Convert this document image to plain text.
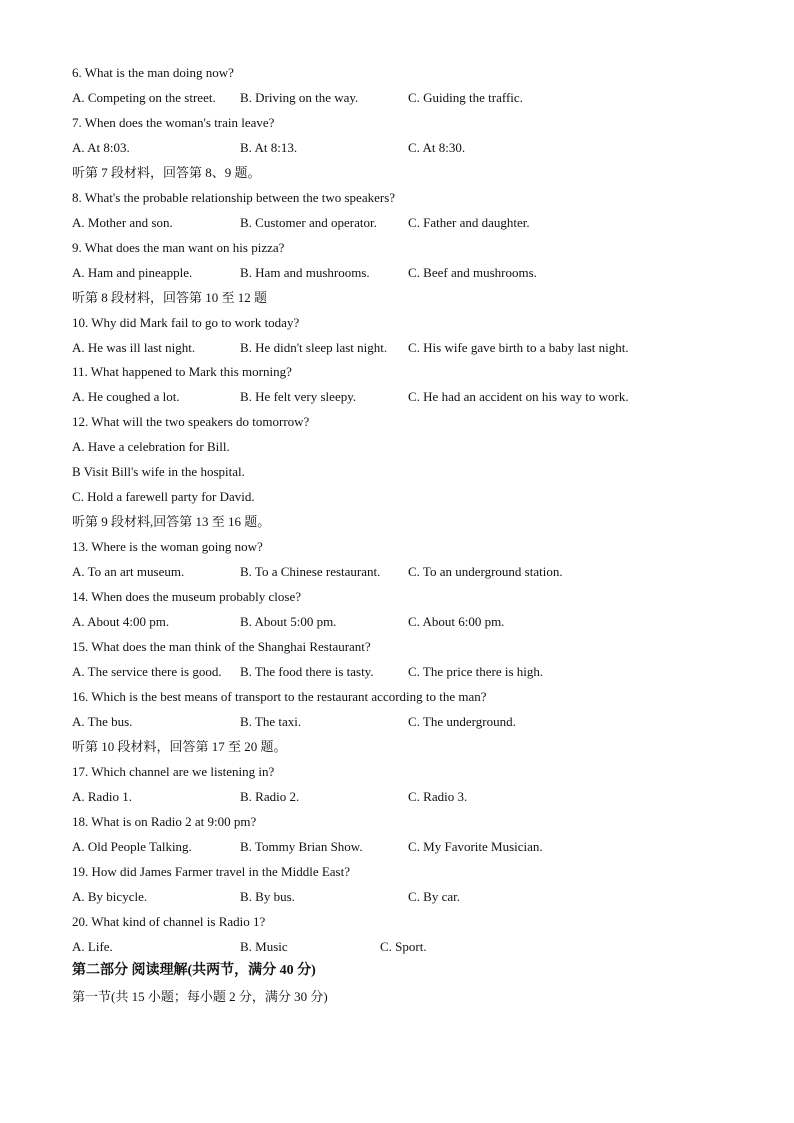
6. What is the man doing now?
A. Competing on the street. B. Driving on the way.	C. Guiding the traffic.
7. When does the woman's train leave?
A. At 8:03.	B. At 8:13.	C. At 8:30.
听第 7 段材料，回答第 8、9 题。
8. What's the probable relationship between the two speakers?
A. Mother and son.	B. Customer and operator. C. Father and daughter.
9. What does the man want on his pizza?
A. Ham and pineapple.	B. Ham and mushrooms.	C. Beef and mushrooms.
听第 8 段材料，回答第 10 至 12 题
10. Why did Mark fail to go to work today?
A. He was ill last night.	B. He didn't sleep last night. C. His wife gave birth to a baby last night.
11. What happened to Mark this morning?
A. He coughed a lot.	B. He felt very sleepy.	C. He had an accident on his way to work.
12. What will the two speakers do tomorrow?
A. Have a celebration for Bill.
B Visit Bill's wife in the hospital.
C. Hold a farewell party for David.
听第 9 段材料,回答第 13 至 16 题。
13. Where is the woman going now?
A. To an art museum.	B. To a Chinese restaurant. C. To an underground station.
14. When does the museum probably close?
A. About 4:00 pm.	B. About 5:00 pm.	C. About 6:00 pm.
15. What does the man think of the Shanghai Restaurant?
A. The service there is good. B. The food there is tasty.	C. The price there is high.
16. Which is the best means of transport to the restaurant according to the man?
A. The bus.	B. The taxi.	C. The underground.
听第 10 段材料，回答第 17 至 20 题。
17. Which channel are we listening in?
A. Radio 1.	B. Radio 2.	C. Radio 3.
18. What is on Radio 2 at 9:00 pm?
A. Old People Talking.	B. Tommy Brian Show.	C. My Favorite Musician.
19. How did James Farmer travel in the Middle East?
A. By bicycle.	B. By bus.	C. By car.
20. What kind of channel is Radio 1?
A. Life.	B. Music	C. Sport.
第二部分 阅读理解(共两节，满分 40 分)
第一节(共 15 小题；每小题 2 分，满分 30 分)
